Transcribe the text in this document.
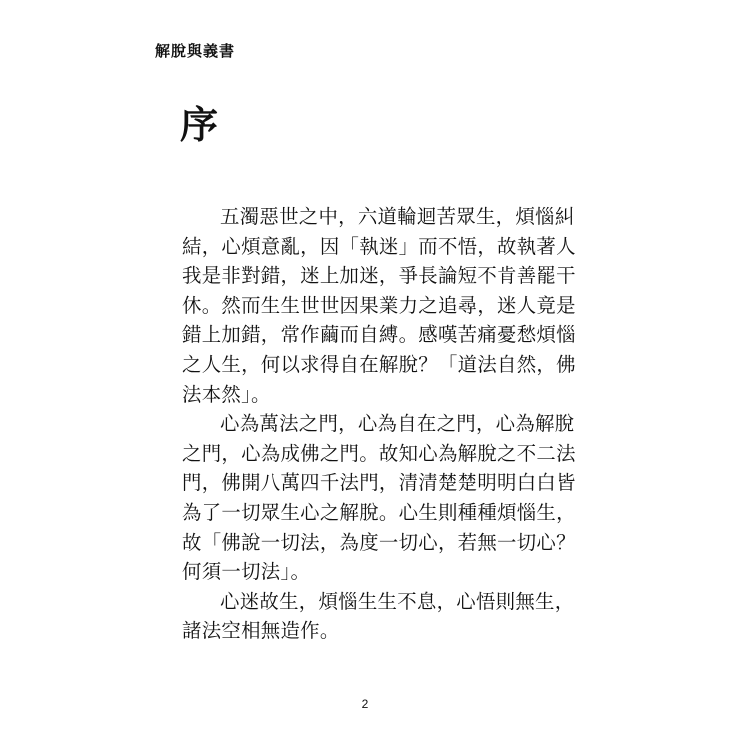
解脫與義書
序
五濁惡世之中，六道輪迴苦眾生，煩惱糾
結，心煩意亂，因「執迷」而不悟，故執著人
我是非對錯，迷上加迷，爭長論短不肯善罷干
休。然而生生世世因果業力之追尋，迷人竟是
錯上加錯，常作繭而自縛。感嘆苦痛憂愁煩惱
之人生，何以求得自在解脫？「道法自然，佛
法本然」。
心為萬法之門，心為自在之門，心為解脫
之門，心為成佛之門。故知心為解脫之不二法
門，佛開八萬四千法門，清清楚楚明明白白皆
為了一切眾生心之解脫。心生則種種煩惱生，
故「佛說一切法，為度一切心，若無一切心？
何須一切法」。
心迷故生，煩惱生生不息，心悟則無生，
諸法空相無造作。
2
